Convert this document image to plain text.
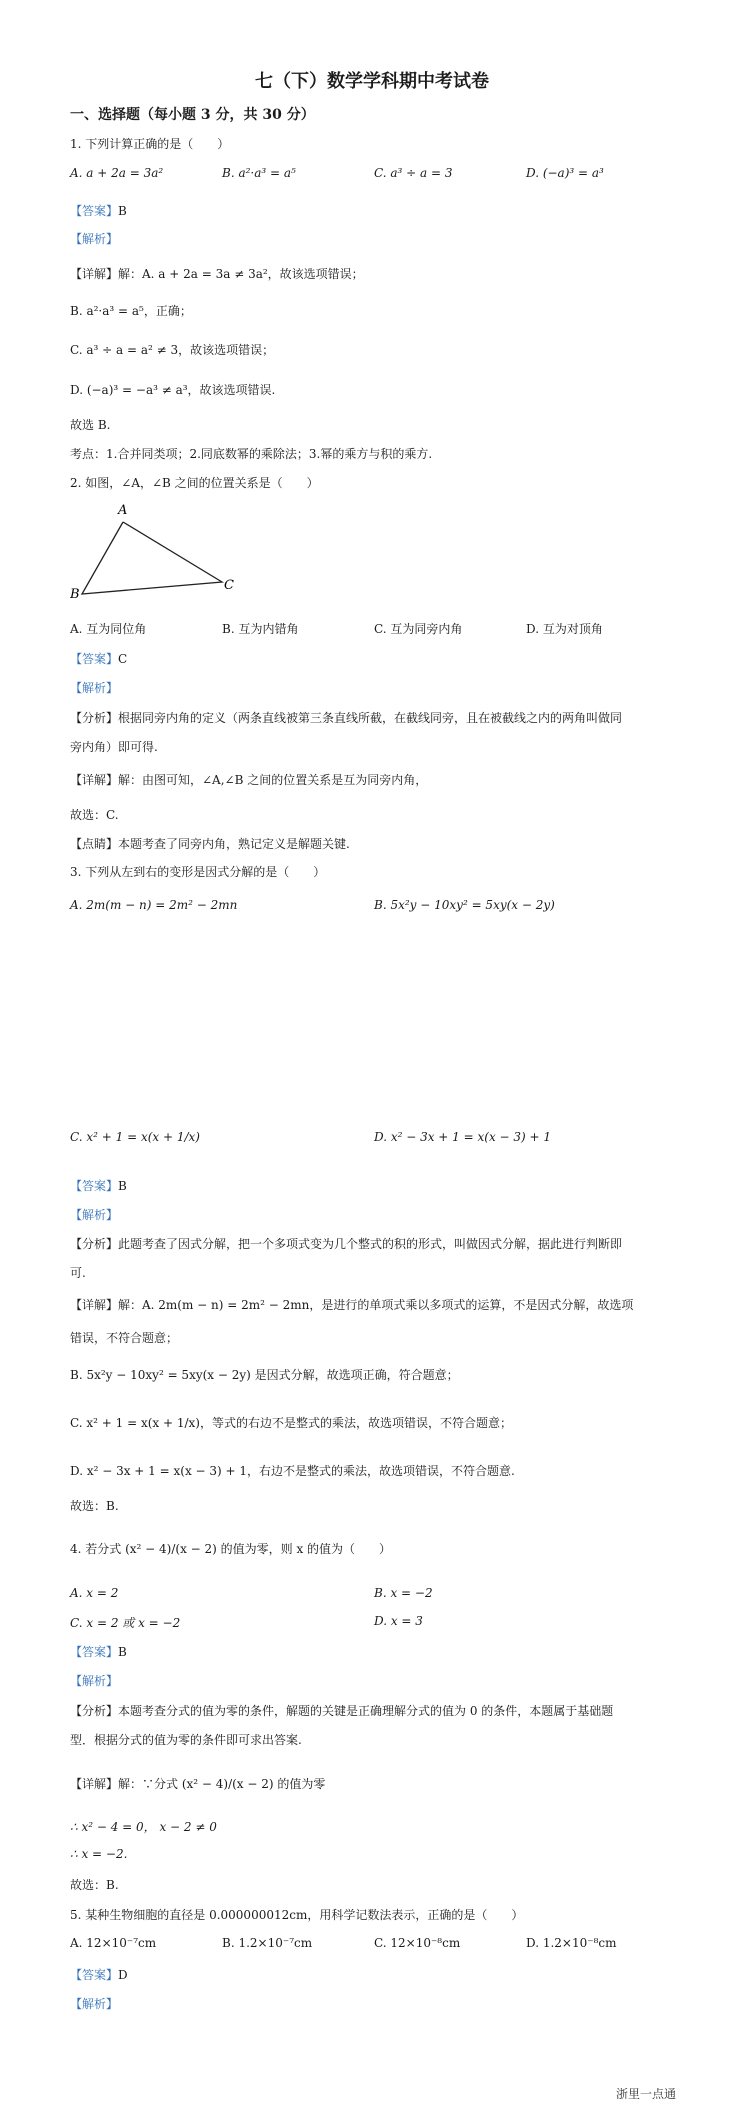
七（下）数学学科期中考试卷
一、选择题（每小题 3 分，共 30 分）
1. 下列计算正确的是（　　）
A. a + 2a = 3a²	B. a²·a³ = a⁵	C. a³ ÷ a = 3	D. (−a)³ = a³
【答案】B
【解析】
【详解】解：A. a + 2a = 3a ≠ 3a²，故该选项错误；
B. a²·a³ = a⁵，正确；
C. a³ ÷ a = a² ≠ 3，故该选项错误；
D. (−a)³ = −a³ ≠ a³，故该选项错误.
故选 B.
考点：1.合并同类项；2.同底数幂的乘除法；3.幂的乘方与积的乘方.
2. 如图，∠A，∠B 之间的位置关系是（　　）
A
B
C
A. 互为同位角	B. 互为内错角	C. 互为同旁内角	D. 互为对顶角
【答案】C
【解析】
【分析】根据同旁内角的定义（两条直线被第三条直线所截，在截线同旁，且在被截线之内的两角叫做同
旁内角）即可得.
【详解】解：由图可知，∠A,∠B 之间的位置关系是互为同旁内角，
故选：C.
【点睛】本题考查了同旁内角，熟记定义是解题关键.
3. 下列从左到右的变形是因式分解的是（　　）
A. 2m(m − n) = 2m² − 2mn	B. 5x²y − 10xy² = 5xy(x − 2y)
C. x² + 1 = x(x + 1/x)	D. x² − 3x + 1 = x(x − 3) + 1
【答案】B
【解析】
【分析】此题考查了因式分解，把一个多项式变为几个整式的积的形式，叫做因式分解，据此进行判断即
可.
【详解】解：A. 2m(m − n) = 2m² − 2mn，是进行的单项式乘以多项式的运算，不是因式分解，故选项
错误，不符合题意；
B. 5x²y − 10xy² = 5xy(x − 2y) 是因式分解，故选项正确，符合题意；
C. x² + 1 = x(x + 1/x)，等式的右边不是整式的乘法，故选项错误，不符合题意；
D. x² − 3x + 1 = x(x − 3) + 1，右边不是整式的乘法，故选项错误，不符合题意.
故选：B.
4. 若分式 (x² − 4)/(x − 2) 的值为零，则 x 的值为（　　）
A. x = 2	B. x = −2
C. x = 2 或 x = −2	D. x = 3
【答案】B
【解析】
【分析】本题考查分式的值为零的条件，解题的关键是正确理解分式的值为 0 的条件，本题属于基础题
型．根据分式的值为零的条件即可求出答案.
【详解】解：∵分式 (x² − 4)/(x − 2) 的值为零
∴ x² − 4 = 0， x − 2 ≠ 0
∴ x = −2.
故选：B.
5. 某种生物细胞的直径是 0.000000012cm，用科学记数法表示，正确的是（　　）
A. 12×10⁻⁷cm	B. 1.2×10⁻⁷cm	C. 12×10⁻⁸cm	D. 1.2×10⁻⁸cm
【答案】D
【解析】
浙里一点通
